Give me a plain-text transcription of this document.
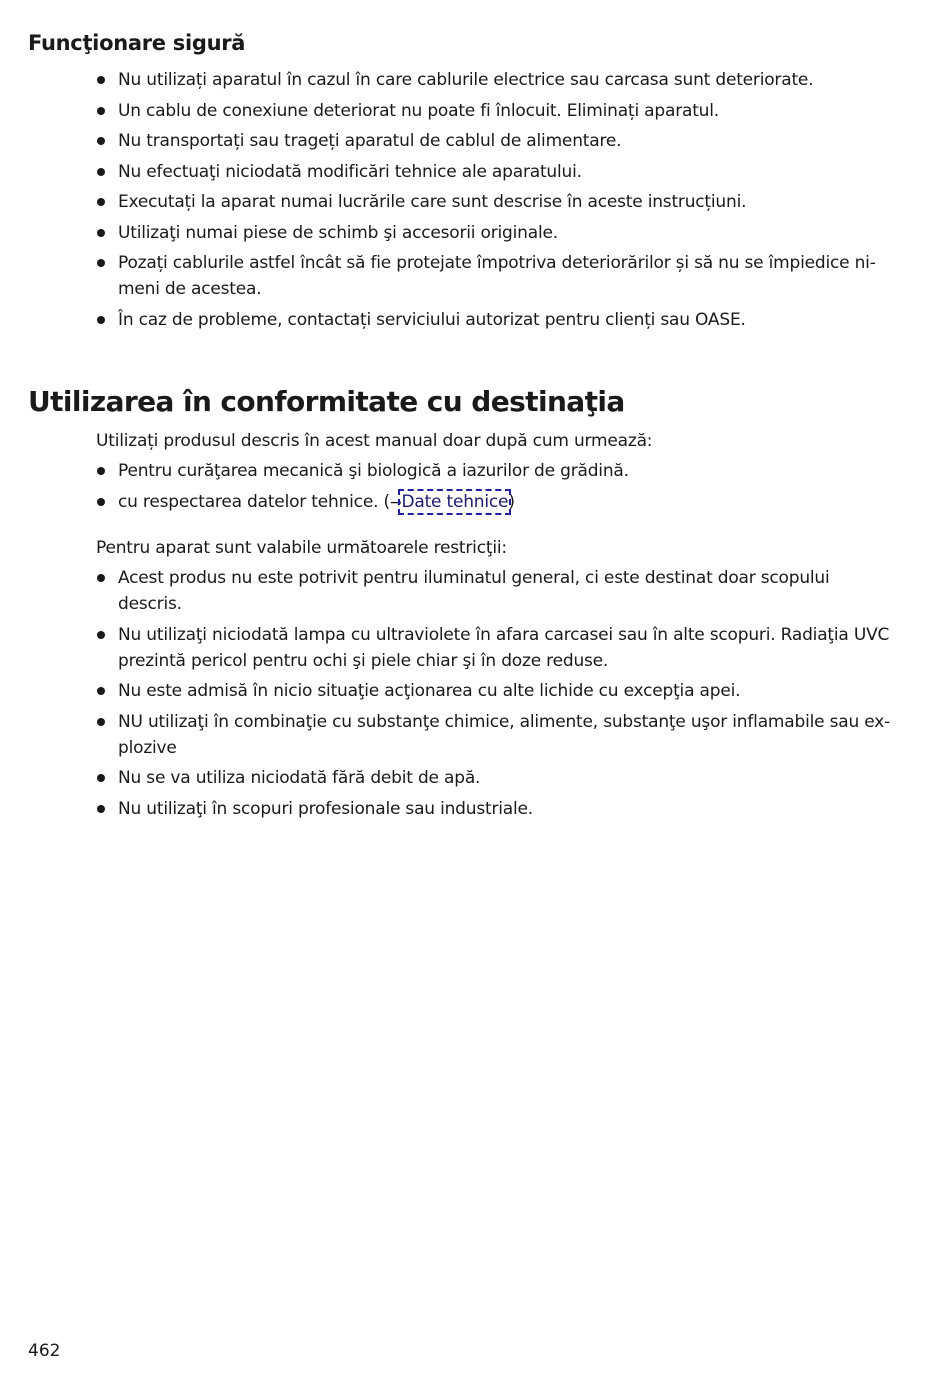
Funcţionare sigură
Nu utilizați aparatul în cazul în care cablurile electrice sau carcasa sunt deteriorate.
Un cablu de conexiune deteriorat nu poate fi înlocuit. Eliminați aparatul.
Nu transportați sau trageți aparatul de cablul de alimentare.
Nu efectuaţi niciodată modificări tehnice ale aparatului.
Executați la aparat numai lucrările care sunt descrise în aceste instrucțiuni.
Utilizaţi numai piese de schimb şi accesorii originale.
Pozați cablurile astfel încât să fie protejate împotriva deteriorărilor și să nu se împiedice ni-meni de acestea.
În caz de probleme, contactați serviciului autorizat pentru clienți sau OASE.
Utilizarea în conformitate cu destinaţia

Utilizați produsul descris în acest manual doar după cum urmează:

Pentru curăţarea mecanică şi biologică a iazurilor de grădină.
cu respectarea datelor tehnice. (→Date tehnice)

Pentru aparat sunt valabile următoarele restricţii:

Acest produs nu este potrivit pentru iluminatul general, ci este destinat doar scopului descris.
Nu utilizaţi niciodată lampa cu ultraviolete în afara carcasei sau în alte scopuri. Radiaţia UVC prezintă pericol pentru ochi şi piele chiar şi în doze reduse.
Nu este admisă în nicio situaţie acţionarea cu alte lichide cu excepţia apei.
NU utilizaţi în combinaţie cu substanţe chimice, alimente, substanţe uşor inflamabile sau ex-plozive
Nu se va utiliza niciodată fără debit de apă.
Nu utilizaţi în scopuri profesionale sau industriale.
462
